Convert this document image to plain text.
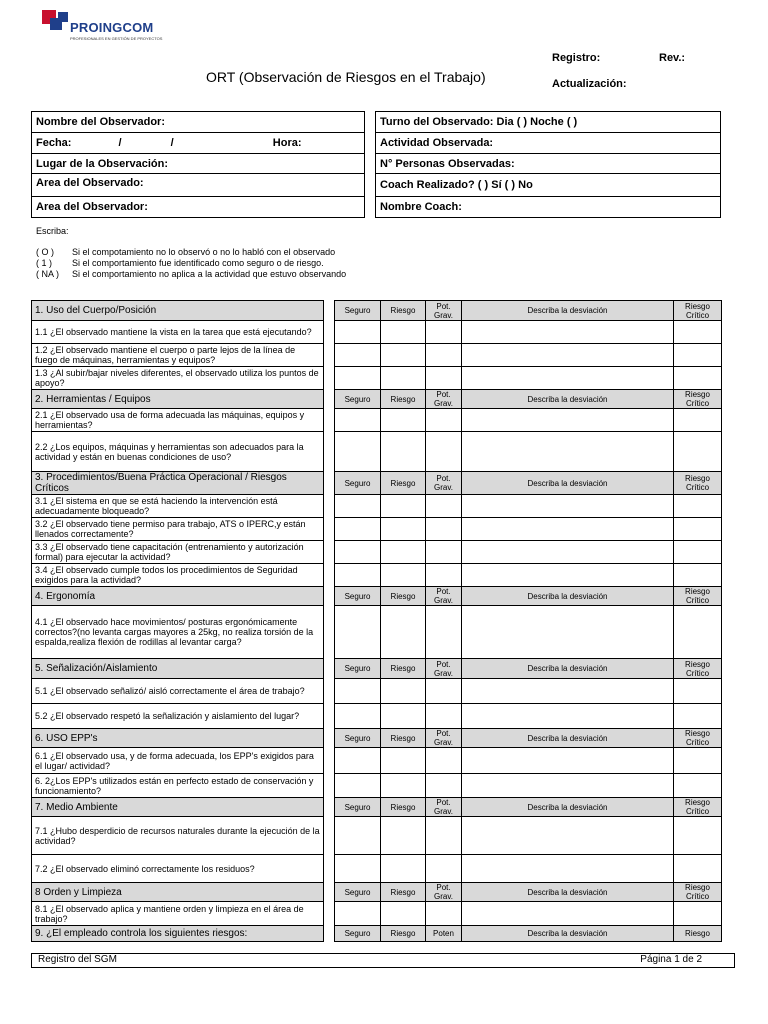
PROINGCOM
PROFESIONALES EN GESTIÓN DE PROYECTOS
ORT (Observación de Riesgos en el Trabajo)
Registro:	Rev.:
Actualización:
Nombre del Observador:		Turno del Observado: Dia ( ) Noche ( )
Fecha: / / Hora:		Actividad Observada:
Lugar de la Observación:		N° Personas Observadas:
Area del Observado:		Coach Realizado? ( ) Sí ( ) No
Area del Observador:		Nombre Coach:
Escriba:
( O ) Si el compotamiento no lo observó o no lo habló con el observado
( 1 ) Si el comportamiento fue identificado como seguro o de riesgo.
( NA ) Si el comportamiento no aplica a la actividad que estuvo observando
1. Uso del Cuerpo/Posición		Seguro	Riesgo	Pot. Grav.	Describa la desviación	Riesgo Crítico
1.1 ¿El observado mantiene la vista en la tarea que está ejecutando?						
1.2 ¿El observado mantiene el cuerpo o parte lejos de la línea de fuego de máquinas, herramientas y equipos?						
1.3 ¿Al subir/bajar niveles diferentes, el observado utiliza los puntos de apoyo?						
2. Herramientas / Equipos		Seguro	Riesgo	Pot. Grav.	Describa la desviación	Riesgo Crítico
2.1 ¿El observado usa de forma adecuada las máquinas, equipos y herramientas?						
2.2 ¿Los equipos, máquinas y herramientas son adecuados para la actividad y están en buenas condiciones de uso?						
3. Procedimientos/Buena Práctica Operacional / Riesgos Críticos		Seguro	Riesgo	Pot. Grav.	Describa la desviación	Riesgo Crítico
3.1 ¿El sistema en que se está haciendo la intervención está adecuadamente bloqueado?						
3.2 ¿El observado tiene permiso para trabajo, ATS o IPERC,y están llenados correctamente?						
3.3 ¿El observado tiene capacitación (entrenamiento y autorización formal) para ejecutar la actividad?						
3.4 ¿El observado cumple todos los procedimientos de Seguridad exigidos para la actividad?						
4. Ergonomía		Seguro	Riesgo	Pot. Grav.	Describa la desviación	Riesgo Crítico
4.1 ¿El observado hace movimientos/ posturas ergonómicamente correctos?(no levanta cargas mayores a 25kg, no realiza torsión de la espalda,realiza flexión de rodillas al levantar carga?						
5. Señalización/Aislamiento		Seguro	Riesgo	Pot. Grav.	Describa la desviación	Riesgo Crítico
5.1 ¿El observado señalizó/ aisló correctamente el área de trabajo?						
5.2 ¿El observado respetó la señalización y aislamiento del lugar?						
6. USO EPP's		Seguro	Riesgo	Pot. Grav.	Describa la desviación	Riesgo Crítico
6.1 ¿El observado usa, y de forma adecuada, los EPP's exigidos para el lugar/ actividad?						
6. 2¿Los EPP's utilizados están en perfecto estado de conservación y funcionamiento?						
7. Medio Ambiente		Seguro	Riesgo	Pot. Grav.	Describa la desviación	Riesgo Crítico
7.1 ¿Hubo desperdicio de recursos naturales durante la ejecución de la actividad?						
7.2 ¿El observado eliminó correctamente los residuos?						
8 Orden y Limpieza		Seguro	Riesgo	Pot. Grav.	Describa la desviación	Riesgo Crítico
8.1 ¿El observado aplica y mantiene orden y limpieza en el área de trabajo?						
9. ¿El empleado controla los siguientes riesgos:		Seguro	Riesgo	Poten	Describa la desviación	Riesgo
Registro del SGM	Página 1 de 2
